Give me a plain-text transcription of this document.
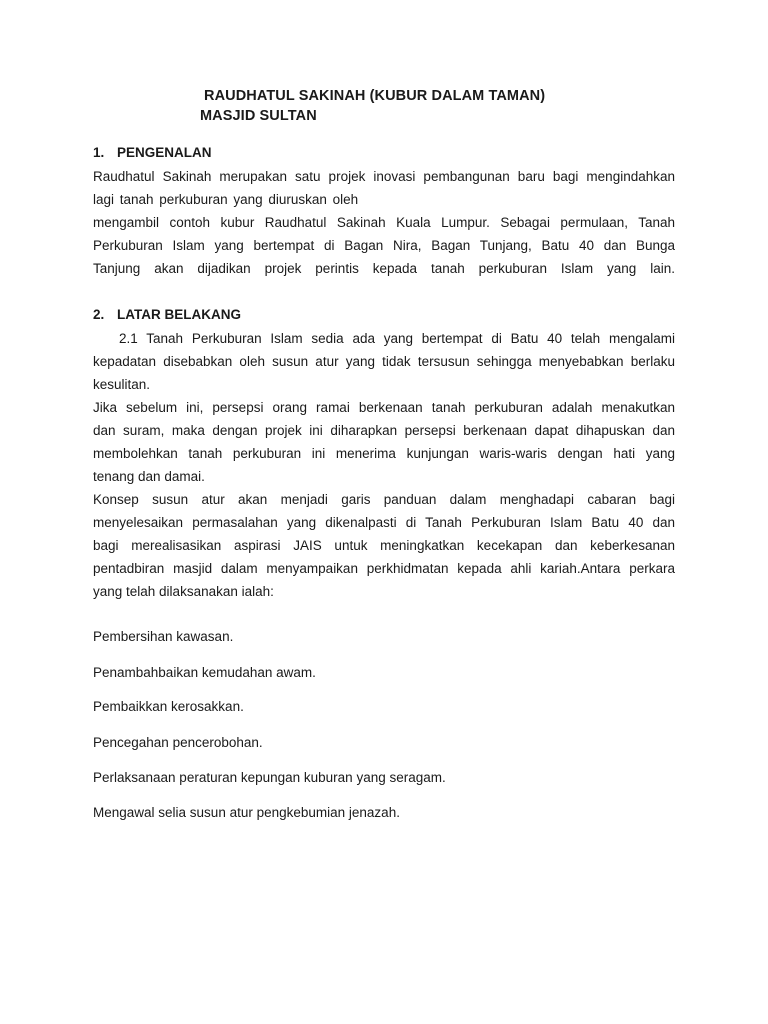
RAUDHATUL SAKINAH (KUBUR DALAM TAMAN)
MASJID SULTAN
1. PENGENALAN
Raudhatul Sakinah merupakan satu projek inovasi pembangunan baru bagi mengindahkan
lagi tanah perkuburan yang diuruskan oleh
mengambil contoh kubur Raudhatul Sakinah Kuala Lumpur. Sebagai permulaan, Tanah
Perkuburan Islam yang bertempat di Bagan Nira, Bagan Tunjang, Batu 40 dan Bunga
Tanjung akan dijadikan projek perintis kepada tanah perkuburan Islam yang lain.
2. LATAR BELAKANG
2.1 Tanah Perkuburan Islam sedia ada yang bertempat di Batu 40 telah mengalami
kepadatan disebabkan oleh susun atur yang tidak tersusun sehingga menyebabkan berlaku
kesulitan.
Jika sebelum ini, persepsi orang ramai berkenaan tanah perkuburan adalah menakutkan
dan suram, maka dengan projek ini diharapkan persepsi berkenaan dapat dihapuskan dan
membolehkan tanah perkuburan ini menerima kunjungan waris-waris dengan hati yang
tenang dan damai.
Konsep susun atur akan menjadi garis panduan dalam menghadapi cabaran bagi
menyelesaikan permasalahan yang dikenalpasti di Tanah Perkuburan Islam Batu 40 dan
bagi merealisasikan aspirasi JAIS untuk meningkatkan kecekapan dan keberkesanan
pentadbiran masjid dalam menyampaikan perkhidmatan kepada ahli kariah.Antara perkara
yang telah dilaksanakan ialah:
Pembersihan kawasan.
Penambahbaikan kemudahan awam.
Pembaikkan kerosakkan.
Pencegahan pencerobohan.
Perlaksanaan peraturan kepungan kuburan yang seragam.
Mengawal selia susun atur pengkebumian jenazah.
